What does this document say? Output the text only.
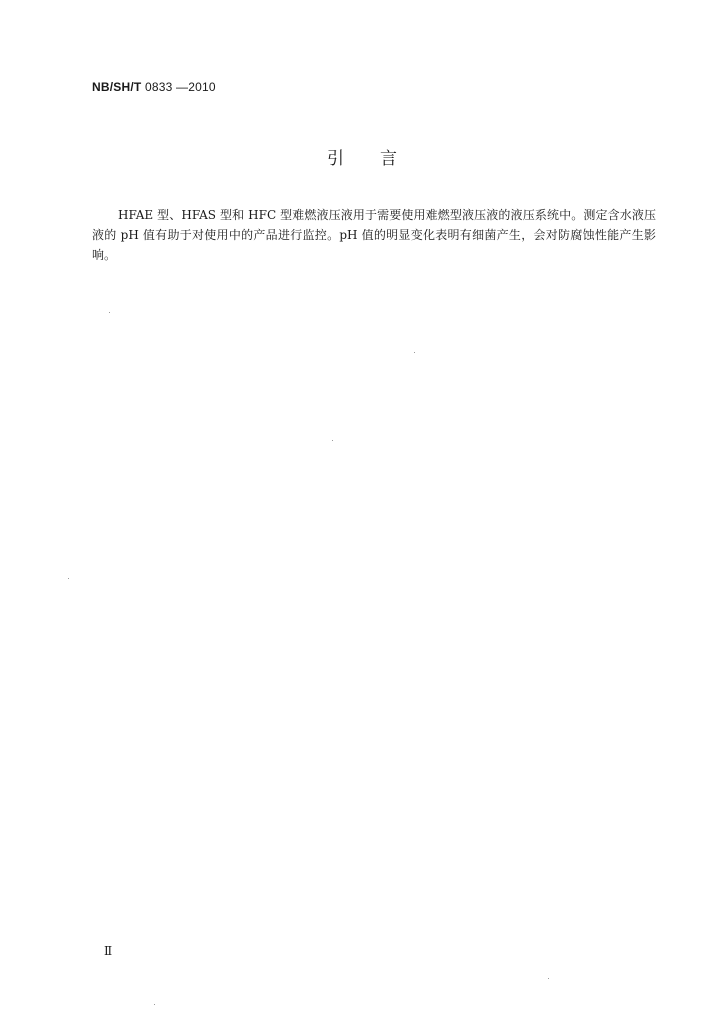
NB/SH/T 0833 —2010
引言

HFAE 型、HFAS 型和 HFC 型难燃液压液用于需要使用难燃型液压液的液压系统中。测定含水液压液的 pH 值有助于对使用中的产品进行监控。pH 值的明显变化表明有细菌产生，会对防腐蚀性能产生影响。

Ⅱ
